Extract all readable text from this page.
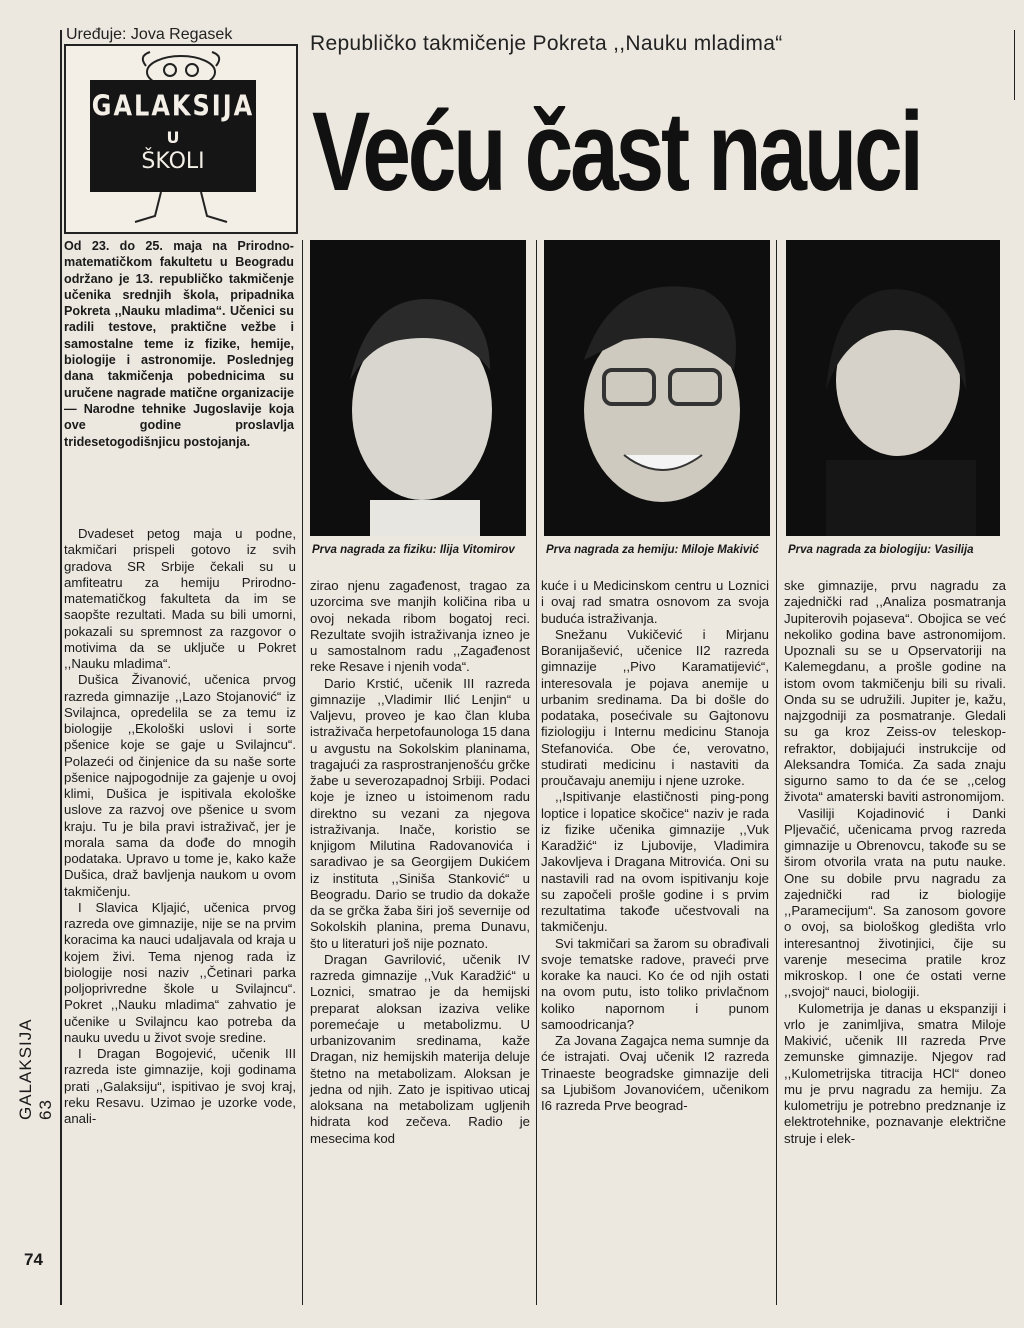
Uređuje: Jova Regasek	Republičko takmičenje Pokreta ,,Nauku mladima“
Veću čast nauci
GALAKSIJA
U
ŠKOLI
Od 23. do 25. maja na Prirodno-matematičkom fakultetu u Beogradu održano je 13. republičko takmičenje učenika srednjih škola, pripadnika Pokreta ,,Nauku mladima“. Učenici su radili testove, praktične vežbe i samostalne teme iz fizike, hemije, biologije i astronomije. Poslednjeg dana takmičenja pobednicima su uručene nagrade matične organizacije — Narodne tehnike Jugoslavije koja ove godine proslavlja tridesetogodišnjicu postojanja.
Prva nagrada za fiziku: Ilija Vitomirov	Prva nagrada za hemiju: Miloje Makivić	Prva nagrada za biologiju: Vasilija

Dvadeset petog maja u podne, takmičari prispeli gotovo iz svih gradova SR Srbije čekali su u amfiteatru za hemiju Prirodno-matematičkog fakulteta da im se saopšte rezultati. Mada su bili umorni, pokazali su spremnost za razgovor o motivima da se uključe u Pokret ,,Nauku mladima“.

Dušica Živanović, učenica prvog razreda gimnazije ,,Lazo Stojanović“ iz Svilajnca, opredelila se za temu iz biologije ,,Ekološki uslovi i sorte pšenice koje se gaje u Svilajncu“. Polazeći od činjenice da su naše sorte pšenice najpogodnije za gajenje u ovoj klimi, Dušica je ispitivala ekološke uslove za razvoj ove pšenice u svom kraju. Tu je bila pravi istraživač, jer je morala sama da dođe do mnogih podataka. Upravo u tome je, kako kaže Dušica, draž bavljenja naukom u ovom takmičenju.

I Slavica Kljajić, učenica prvog razreda ove gimnazije, nije se na prvim koracima ka nauci udaljavala od kraja u kojem živi. Tema njenog rada iz biologije nosi naziv ,,Četinari parka poljoprivredne škole u Svilajncu“. Pokret ,,Nauku mladima“ zahvatio je učenike u Svilajncu kao potreba da nauku uvedu u život svoje sredine.

I Dragan Bogojević, učenik III razreda iste gimnazije, koji godinama prati ,,Galaksiju“, ispitivao je svoj kraj, reku Resavu. Uzimao je uzorke vode, anali-

zirao njenu zagađenost, tragao za uzorcima sve manjih količina riba u ovoj nekada ribom bogatoj reci. Rezultate svojih istraživanja izneo je u samostalnom radu ,,Zagađenost reke Resave i njenih voda“.

Dario Krstić, učenik III razreda gimnazije ,,Vladimir Ilić Lenjin“ u Valjevu, proveo je kao član kluba istraživača herpetofaunologa 15 dana u avgustu na Sokolskim planinama, tragajući za rasprostranjenošću grčke žabe u severozapadnoj Srbiji. Podaci koje je izneo u istoimenom radu direktno su vezani za njegova istraživanja. Inače, koristio se knjigom Milutina Radovanovića i saradivao je sa Georgijem Dukićem iz instituta ,,Siniša Stanković“ u Beogradu. Dario se trudio da dokaže da se grčka žaba širi još severnije od Sokolskih planina, prema Dunavu, što u literaturi još nije poznato.

Dragan Gavrilović, učenik IV razreda gimnazije ,,Vuk Karadžić“ u Loznici, smatrao je da hemijski preparat aloksan izaziva velike poremećaje u metabolizmu. U urbanizovanim sredinama, kaže Dragan, niz hemijskih materija deluje štetno na metabolizam. Aloksan je jedna od njih. Zato je ispitivao uticaj aloksana na metabolizam ugljenih hidrata kod zečeva. Radio je mesecima kod

kuće i u Medicinskom centru u Loznici i ovaj rad smatra osnovom za svoja buduća istraživanja.

Snežanu Vukičević i Mirjanu Boranijašević, učenice II2 razreda gimnazije ,,Pivo Karamatijević“, interesovala je pojava anemije u urbanim sredinama. Da bi došle do podataka, posećivale su Gajtonovu fiziologiju i Internu medicinu Stanoja Stefanovića. Obe će, verovatno, studirati medicinu i nastaviti da proučavaju anemiju i njene uzroke.

,,Ispitivanje elastičnosti ping-pong loptice i lopatice skočice“ naziv je rada iz fizike učenika gimnazije ,,Vuk Karadžić“ iz Ljubovije, Vladimira Jakovljeva i Dragana Mitrovića. Oni su nastavili rad na ovom ispitivanju koje su započeli prošle godine i s prvim rezultatima takođe učestvovali na takmičenju.

Svi takmičari sa žarom su obrađivali svoje tematske radove, praveći prve korake ka nauci. Ko će od njih ostati na ovom putu, isto toliko privlačnom koliko napornom i punom samoodricanja?

Za Jovana Zagajca nema sumnje da će istrajati. Ovaj učenik I2 razreda Trinaeste beogradske gimnazije deli sa Ljubišom Jovanovićem, učenikom I6 razreda Prve beograd-

ske gimnazije, prvu nagradu za zajednički rad ,,Analiza posmatranja Jupiterovih pojaseva“. Obojica se već nekoliko godina bave astronomijom. Upoznali su se u Opservatoriji na Kalemegdanu, a prošle godine na istom ovom takmičenju bili su rivali. Onda su se udružili. Jupiter je, kažu, najzgodniji za posmatranje. Gledali su ga kroz Zeiss-ov teleskop-refraktor, dobijajući instrukcije od Aleksandra Tomića. Za sada znaju sigurno samo to da će se ,,celog života“ amaterski baviti astronomijom.

Vasiliji Kojadinović i Danki Pljevačić, učenicama prvog razreda gimnazije u Obrenovcu, takođe su se širom otvorila vrata na putu nauke. One su dobile prvu nagradu za zajednički rad iz biologije ,,Paramecijum“. Sa zanosom govore o ovoj, sa biološkog gledišta vrlo interesantnoj životinjici, čije su varenje mesecima pratile kroz mikroskop. I one će ostati verne ,,svojoj“ nauci, biologiji.

Kulometrija je danas u ekspanziji i vrlo je zanimljiva, smatra Miloje Makivić, učenik III razreda Prve zemunske gimnazije. Njegov rad ,,Kulometrijska titracija HCl“ doneo mu je prvu nagradu za hemiju. Za kulometriju je potrebno predznanje iz elektrotehnike, poznavanje električne struje i elek-

GALAKSIJA 63
74
